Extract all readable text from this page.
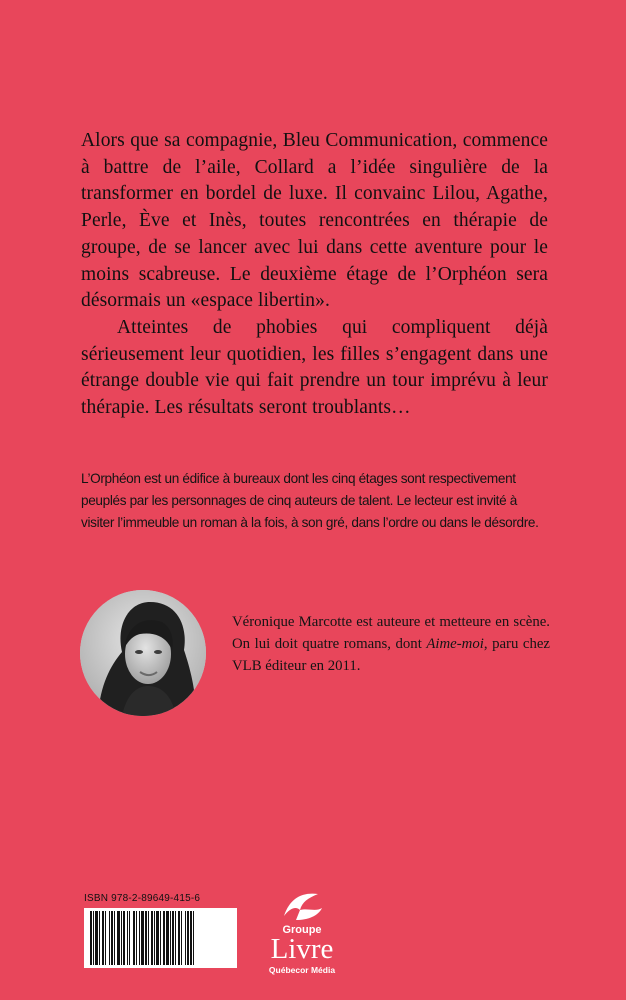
Alors que sa compagnie, Bleu Communication, commence à battre de l’aile, Collard a l’idée singulière de la transformer en bordel de luxe. Il convainc Lilou, Agathe, Perle, Ève et Inès, toutes rencontrées en thérapie de groupe, de se lancer avec lui dans cette aventure pour le moins scabreuse. Le deuxième étage de l’Orphéon sera désormais un «espace libertin».

Atteintes de phobies qui compliquent déjà sérieusement leur quotidien, les filles s’engagent dans une étrange double vie qui fait prendre un tour imprévu à leur thérapie. Les résultats seront troublants…

L’Orphéon est un édifice à bureaux dont les cinq étages sont respectivement peuplés par les personnages de cinq auteurs de talent. Le lecteur est invité à visiter l’immeuble un roman à la fois, à son gré, dans l’ordre ou dans le désordre.

Véronique Marcotte est auteure et metteure en scène. On lui doit quatre romans, dont Aime-moi, paru chez VLB éditeur en 2011.

ISBN 978-2-89649-415-6
Groupe
Livre
Québecor Média
